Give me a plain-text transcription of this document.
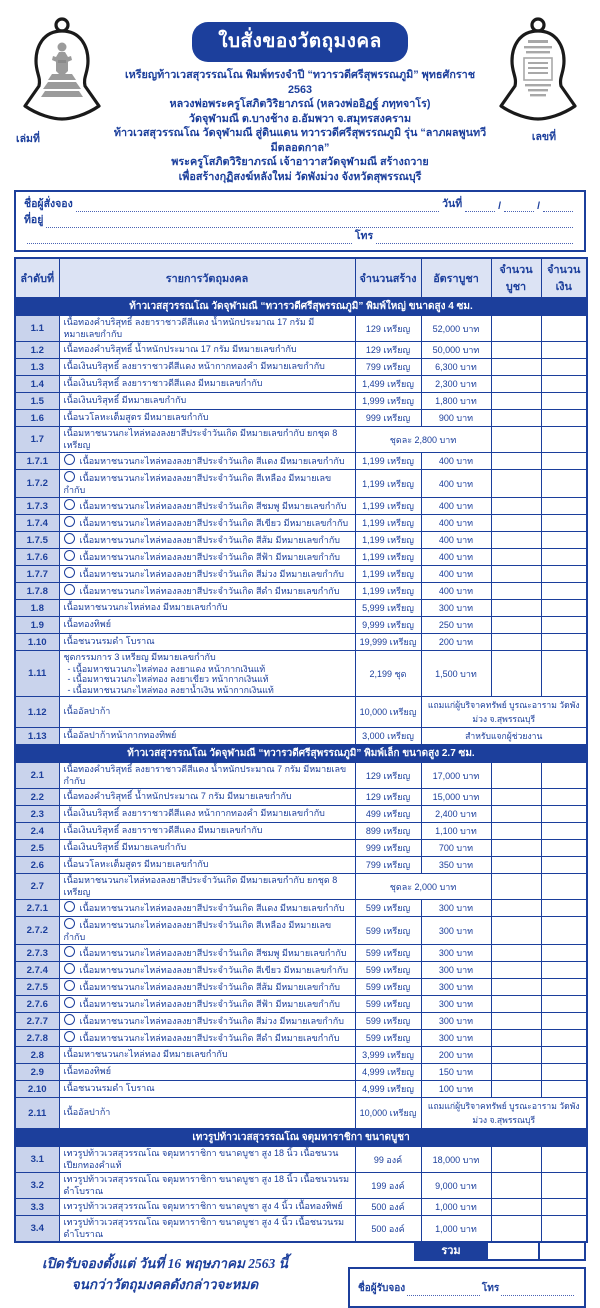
ใบสั่งของวัตถุมงคล
เหรียญท้าวเวสสุวรรณโณ พิมพ์ทรงจำปี “ทวารวดีศรีสุพรรณภูมิ” พุทธศักราช 2563
หลวงพ่อพระครูโสภิตวิริยาภรณ์ (หลวงพ่ออิฏฐ์ ภทฺทจาโร)
วัดจุฬามณี ต.บางช้าง อ.อัมพวา จ.สมุทรสงคราม
ท้าวเวสสุวรรณโณ วัดจุฬามณี สู่ดินแดน ทวารวดีศรีสุพรรณภูมิ รุ่น “ลาภผลพูนทวี มีตลอดกาล”
พระครูโสภิตวิริยาภรณ์ เจ้าอาวาสวัดจุฬามณี สร้างถวาย
เพื่อสร้างกุฏิสงฆ์หลังใหม่ วัดพังม่วง จังหวัดสุพรรณบุรี
เล่มที่	เลขที่
ชื่อผู้สั่งจอง	วันที่	/	/
ที่อยู่
โทร
ลำดับที่	รายการวัตถุมงคล	จำนวนสร้าง	อัตราบูชา	จำนวนบูชา	จำนวนเงิน
ท้าวเวสสุวรรณโณ วัดจุฬามณี “ทวารวดีศรีสุพรรณภูมิ” พิมพ์ใหญ่ ขนาดสูง 4 ซม.					
1.1	เนื้อทองคำบริสุทธิ์ ลงยาราชาวดีสีแดง น้ำหนักประมาณ 17 กรัม มีหมายเลขกำกับ	129 เหรียญ	52,000 บาท		
1.2	เนื้อทองคำบริสุทธิ์ น้ำหนักประมาณ 17 กรัม มีหมายเลขกำกับ	129 เหรียญ	50,000 บาท		
1.3	เนื้อเงินบริสุทธิ์ ลงยาราชาวดีสีแดง หน้ากากทองคำ มีหมายเลขกำกับ	799 เหรียญ	6,300 บาท		
1.4	เนื้อเงินบริสุทธิ์ ลงยาราชาวดีสีแดง มีหมายเลขกำกับ	1,499 เหรียญ	2,300 บาท		
1.5	เนื้อเงินบริสุทธิ์ มีหมายเลขกำกับ	1,999 เหรียญ	1,800 บาท		
1.6	เนื้อนวโลหะเต็มสูตร มีหมายเลขกำกับ	999 เหรียญ	900 บาท		
1.7	เนื้อมหาชนวนกะไหล่ทองลงยาสีประจำวันเกิด มีหมายเลขกำกับ ยกชุด 8 เหรียญ	ชุดละ 2,800 บาท			
1.7.1	เนื้อมหาชนวนกะไหล่ทองลงยาสีประจำวันเกิด สีแดง มีหมายเลขกำกับ	1,199 เหรียญ	400 บาท		
1.7.2	เนื้อมหาชนวนกะไหล่ทองลงยาสีประจำวันเกิด สีเหลือง มีหมายเลขกำกับ	1,199 เหรียญ	400 บาท		
1.7.3	เนื้อมหาชนวนกะไหล่ทองลงยาสีประจำวันเกิด สีชมพู มีหมายเลขกำกับ	1,199 เหรียญ	400 บาท		
1.7.4	เนื้อมหาชนวนกะไหล่ทองลงยาสีประจำวันเกิด สีเขียว มีหมายเลขกำกับ	1,199 เหรียญ	400 บาท		
1.7.5	เนื้อมหาชนวนกะไหล่ทองลงยาสีประจำวันเกิด สีส้ม มีหมายเลขกำกับ	1,199 เหรียญ	400 บาท		
1.7.6	เนื้อมหาชนวนกะไหล่ทองลงยาสีประจำวันเกิด สีฟ้า มีหมายเลขกำกับ	1,199 เหรียญ	400 บาท		
1.7.7	เนื้อมหาชนวนกะไหล่ทองลงยาสีประจำวันเกิด สีม่วง มีหมายเลขกำกับ	1,199 เหรียญ	400 บาท		
1.7.8	เนื้อมหาชนวนกะไหล่ทองลงยาสีประจำวันเกิด สีดำ มีหมายเลขกำกับ	1,199 เหรียญ	400 บาท		
1.8	เนื้อมหาชนวนกะไหล่ทอง มีหมายเลขกำกับ	5,999 เหรียญ	300 บาท		
1.9	เนื้อทองทิพย์	9,999 เหรียญ	250 บาท		
1.10	เนื้อชนวนรมดำ โบราณ	19,999 เหรียญ	200 บาท		
1.11	ชุดกรรมการ 3 เหรียญ มีหมายเลขกำกับ
- เนื้อมหาชนวนกะไหล่ทอง ลงยาแดง หน้ากากเงินแท้
- เนื้อมหาชนวนกะไหล่ทอง ลงยาเขียว หน้ากากเงินแท้
- เนื้อมหาชนวนกะไหล่ทอง ลงยาน้ำเงิน หน้ากากเงินแท้	2,199 ชุด	1,500 บาท		
1.12	เนื้ออัลปาก้า	10,000 เหรียญ	แถมแก่ผู้บริจาคทรัพย์ บูรณะอาราม วัดพังม่วง จ.สุพรรณบุรี		
1.13	เนื้ออัลปาก้าหน้ากากทองทิพย์	3,000 เหรียญ	สำหรับแจกผู้ช่วยงาน		
ท้าวเวสสุวรรณโณ วัดจุฬามณี “ทวารวดีศรีสุพรรณภูมิ” พิมพ์เล็ก ขนาดสูง 2.7 ซม.					
2.1	เนื้อทองคำบริสุทธิ์ ลงยาราชาวดีสีแดง น้ำหนักประมาณ 7 กรัม มีหมายเลขกำกับ	129 เหรียญ	17,000 บาท		
2.2	เนื้อทองคำบริสุทธิ์ น้ำหนักประมาณ 7 กรัม มีหมายเลขกำกับ	129 เหรียญ	15,000 บาท		
2.3	เนื้อเงินบริสุทธิ์ ลงยาราชาวดีสีแดง หน้ากากทองคำ มีหมายเลขกำกับ	499 เหรียญ	2,400 บาท		
2.4	เนื้อเงินบริสุทธิ์ ลงยาราชาวดีสีแดง มีหมายเลขกำกับ	899 เหรียญ	1,100 บาท		
2.5	เนื้อเงินบริสุทธิ์ มีหมายเลขกำกับ	999 เหรียญ	700 บาท		
2.6	เนื้อนวโลหะเต็มสูตร มีหมายเลขกำกับ	799 เหรียญ	350 บาท		
2.7	เนื้อมหาชนวนกะไหล่ทองลงยาสีประจำวันเกิด มีหมายเลขกำกับ ยกชุด 8 เหรียญ	ชุดละ 2,000 บาท			
2.7.1	เนื้อมหาชนวนกะไหล่ทองลงยาสีประจำวันเกิด สีแดง มีหมายเลขกำกับ	599 เหรียญ	300 บาท		
2.7.2	เนื้อมหาชนวนกะไหล่ทองลงยาสีประจำวันเกิด สีเหลือง มีหมายเลขกำกับ	599 เหรียญ	300 บาท		
2.7.3	เนื้อมหาชนวนกะไหล่ทองลงยาสีประจำวันเกิด สีชมพู มีหมายเลขกำกับ	599 เหรียญ	300 บาท		
2.7.4	เนื้อมหาชนวนกะไหล่ทองลงยาสีประจำวันเกิด สีเขียว มีหมายเลขกำกับ	599 เหรียญ	300 บาท		
2.7.5	เนื้อมหาชนวนกะไหล่ทองลงยาสีประจำวันเกิด สีส้ม มีหมายเลขกำกับ	599 เหรียญ	300 บาท		
2.7.6	เนื้อมหาชนวนกะไหล่ทองลงยาสีประจำวันเกิด สีฟ้า มีหมายเลขกำกับ	599 เหรียญ	300 บาท		
2.7.7	เนื้อมหาชนวนกะไหล่ทองลงยาสีประจำวันเกิด สีม่วง มีหมายเลขกำกับ	599 เหรียญ	300 บาท		
2.7.8	เนื้อมหาชนวนกะไหล่ทองลงยาสีประจำวันเกิด สีดำ มีหมายเลขกำกับ	599 เหรียญ	300 บาท		
2.8	เนื้อมหาชนวนกะไหล่ทอง มีหมายเลขกำกับ	3,999 เหรียญ	200 บาท		
2.9	เนื้อทองทิพย์	4,999 เหรียญ	150 บาท		
2.10	เนื้อชนวนรมดำ โบราณ	4,999 เหรียญ	100 บาท		
2.11	เนื้ออัลปาก้า	10,000 เหรียญ	แถมแก่ผู้บริจาคทรัพย์ บูรณะอาราม วัดพังม่วง จ.สุพรรณบุรี		
เทวรูปท้าวเวสสุวรรณโณ จตุมหาราชิกา ขนาดบูชา					
3.1	เทวรูปท้าวเวสสุวรรณโณ จตุมหาราชิกา ขนาดบูชา สูง 18 นิ้ว เนื้อชนวนเปียกทองคำแท้	99 องค์	18,000 บาท		
3.2	เทวรูปท้าวเวสสุวรรณโณ จตุมหาราชิกา ขนาดบูชา สูง 18 นิ้ว เนื้อชนวนรมดำโบราณ	199 องค์	9,000 บาท		
3.3	เทวรูปท้าวเวสสุวรรณโณ จตุมหาราชิกา ขนาดบูชา สูง 4 นิ้ว เนื้อทองทิพย์	500 องค์	1,000 บาท		
3.4	เทวรูปท้าวเวสสุวรรณโณ จตุมหาราชิกา ขนาดบูชา สูง 4 นิ้ว เนื้อชนวนรมดำโบราณ	500 องค์	1,000 บาท		
เปิดรับจองตั้งแต่ วันที่ 16 พฤษภาคม 2563 นี้
จนกว่าวัตถุมงคลดังกล่าวจะหมด
รวม
ชื่อผู้รับจอง	โทร
